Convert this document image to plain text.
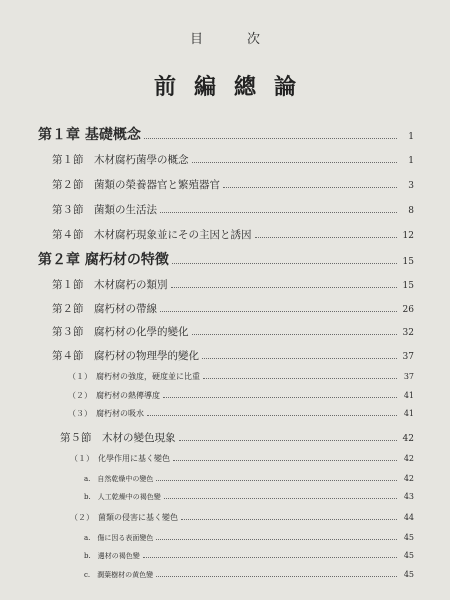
目次
前編總論
第１章 基礎概念	1
第１節　木材腐朽菌學の概念	1
第２節　菌類の榮養器官と繁殖器官	3
第３節　菌類の生活法	8
第４節　木材腐朽現象並にその主因と誘因	12
第２章 腐朽材の特徴	15
第１節　木材腐朽の類別	15
第２節　腐朽材の帶線	26
第３節　腐朽材の化學的變化	32
第４節　腐朽材の物理學的變化	37
（１）　腐朽材の強度，硬度並に比重	37
（２）　腐朽材の熱傳導度	41
（３）　腐朽材の吸水	41
第５節　木材の變色現象	42
（１）　化學作用に基く變色	42
a.　自然乾燥中の變色	42
b.　人工乾燥中の褐色變	43
（２）　菌類の侵害に基く變色	44
a.　傷に因る表面變色	45
b.　邊材の褐色變	45
c.　濶葉樹材の黄色變	45
